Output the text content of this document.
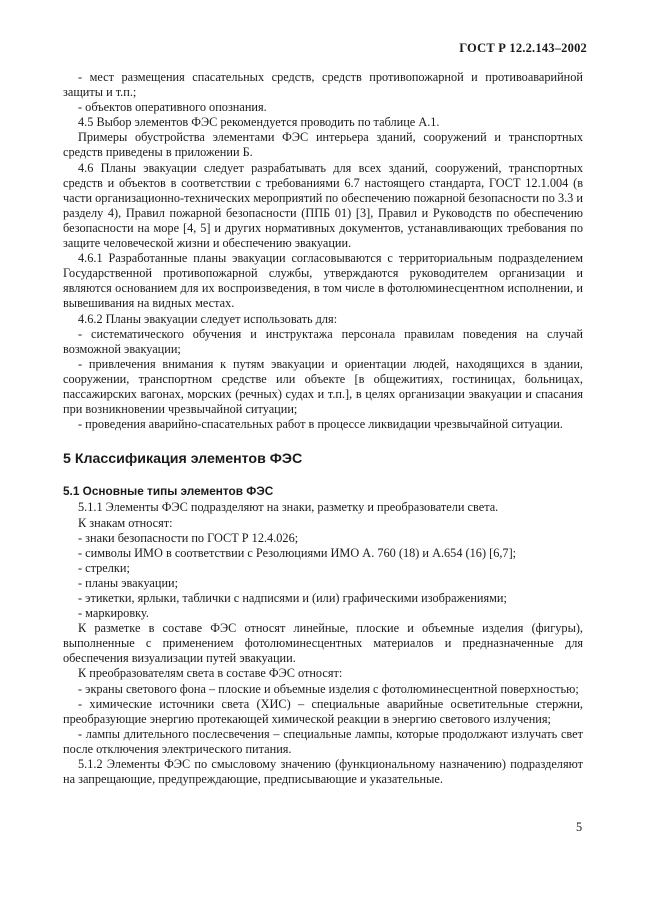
ГОСТ Р 12.2.143–2002

- мест размещения спасательных средств, средств противопожарной и противоаварийной защиты и т.п.;

- объектов оперативного опознания.

4.5 Выбор элементов ФЭС рекомендуется проводить по таблице А.1.

Примеры обустройства элементами ФЭС интерьера зданий, сооружений и транспортных средств приведены в приложении Б.

4.6 Планы эвакуации следует разрабатывать для всех зданий, сооружений, транспортных средств и объектов в соответствии с требованиями 6.7 настоящего стандарта, ГОСТ 12.1.004 (в части организационно-технических мероприятий по обеспечению пожарной безопасности по 3.3 и разделу 4), Правил пожарной безопасности (ППБ 01) [3], Правил и Руководств по обеспечению безопасности на море [4, 5] и других нормативных документов, устанавливающих требования по защите человеческой жизни и обеспечению эвакуации.

4.6.1 Разработанные планы эвакуации согласовываются с территориальным подразделением Государственной противопожарной службы, утверждаются руководителем организации и являются основанием для их воспроизведения, в том числе в фотолюминесцентном исполнении, и вывешивания на видных местах.

4.6.2 Планы эвакуации следует использовать для:

- систематического обучения и инструктажа персонала правилам поведения на случай возможной эвакуации;

- привлечения внимания к путям эвакуации и ориентации людей, находящихся в здании, сооружении, транспортном средстве или объекте [в общежитиях, гостиницах, больницах, пассажирских вагонах, морских (речных) судах и т.п.], в целях организации эвакуации и спасания при возникновении чрезвычайной ситуации;

- проведения аварийно-спасательных работ в процессе ликвидации чрезвычайной ситуации.

5 Классификация элементов ФЭС

5.1 Основные типы элементов ФЭС

5.1.1 Элементы ФЭС подразделяют на знаки, разметку и преобразователи света.

К знакам относят:

- знаки безопасности по ГОСТ Р 12.4.026;

- символы ИМО в соответствии с Резолюциями ИМО А. 760 (18) и А.654 (16) [6,7];

- стрелки;

- планы эвакуации;

- этикетки, ярлыки, таблички с надписями и (или) графическими изображениями;

- маркировку.

К разметке в составе ФЭС относят линейные, плоские и объемные изделия (фигуры), выполненные с применением фотолюминесцентных материалов и предназначенные для обеспечения визуализации путей эвакуации.

К преобразователям света в составе ФЭС относят:

- экраны светового фона – плоские и объемные изделия с фотолюминесцентной поверхностью;

- химические источники света (ХИС) – специальные аварийные осветительные стержни, преобразующие энергию протекающей химической реакции в энергию светового излучения;

- лампы длительного послесвечения – специальные лампы, которые продолжают излучать свет после отключения электрического питания.

5.1.2 Элементы ФЭС по смысловому значению (функциональному назначению) подразделяют на запрещающие, предупреждающие, предписывающие и указательные.

5
